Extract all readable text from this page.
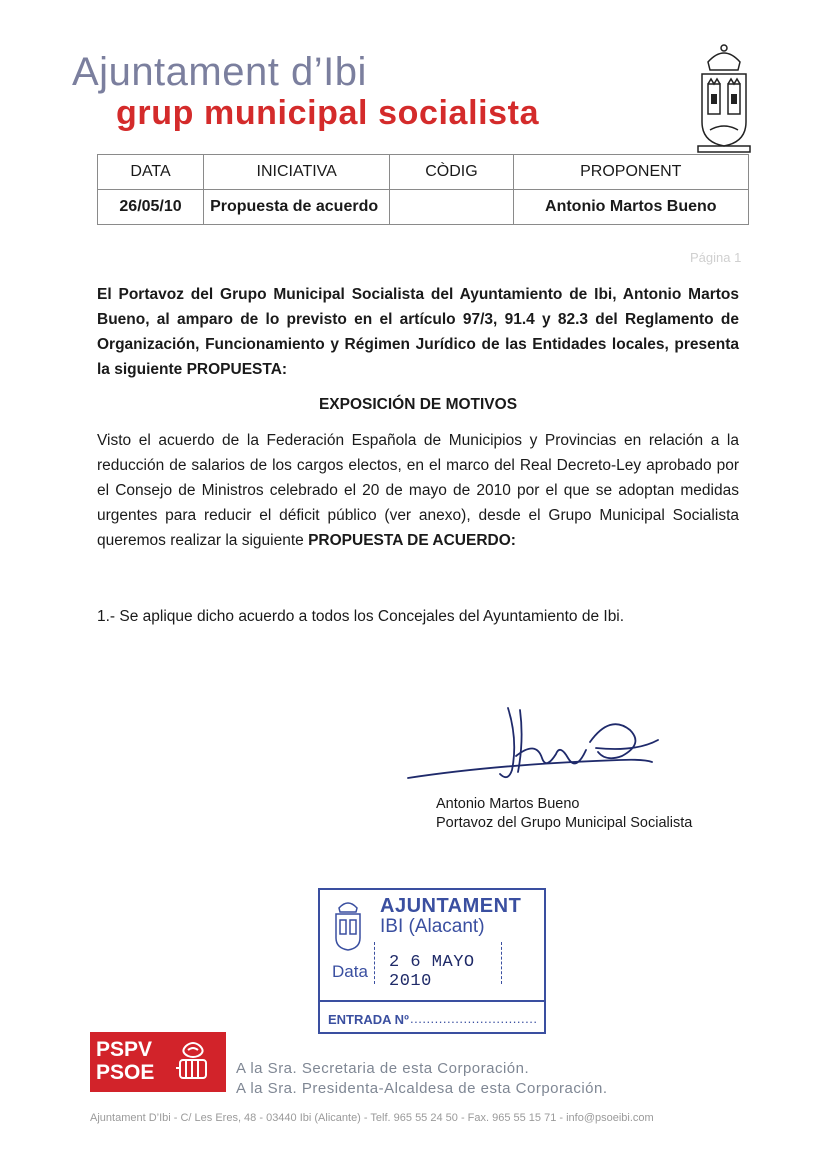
Ajuntament d’Ibi
grup municipal socialista
DATA	INICIATIVA	CÒDIG	PROPONENT
26/05/10	Propuesta de acuerdo		Antonio Martos Bueno
Página 1
El Portavoz del Grupo Municipal Socialista del Ayuntamiento de Ibi, Antonio Martos Bueno, al amparo de lo previsto en el artículo 97/3, 91.4 y 82.3 del Reglamento de Organización, Funcionamiento y Régimen Jurídico de las Entidades locales, presenta la siguiente PROPUESTA:
EXPOSICIÓN DE MOTIVOS
Visto el acuerdo de la Federación Española de Municipios y Provincias en relación a la reducción de salarios de los cargos electos, en el marco del Real Decreto-Ley aprobado por el Consejo de Ministros celebrado el 20 de mayo de 2010 por el que se adoptan medidas urgentes para reducir el déficit público (ver anexo), desde el Grupo Municipal Socialista queremos realizar la siguiente PROPUESTA DE ACUERDO:
1.- Se aplique dicho acuerdo a todos los Concejales del Ayuntamiento de Ibi.
Antonio Martos Bueno
Portavoz del Grupo Municipal Socialista
AJUNTAMENT
IBI (Alacant)
Data 2 6 MAYO 2010
ENTRADA Nº ...............................
PSPV
PSOE	A la Sra. Secretaria de esta Corporación.
A la Sra. Presidenta-Alcaldesa de esta Corporación.
Ajuntament D’Ibi - C/ Les Eres, 48 - 03440 Ibi (Alicante) - Telf. 965 55 24 50 - Fax. 965 55 15 71 - info@psoeibi.com
